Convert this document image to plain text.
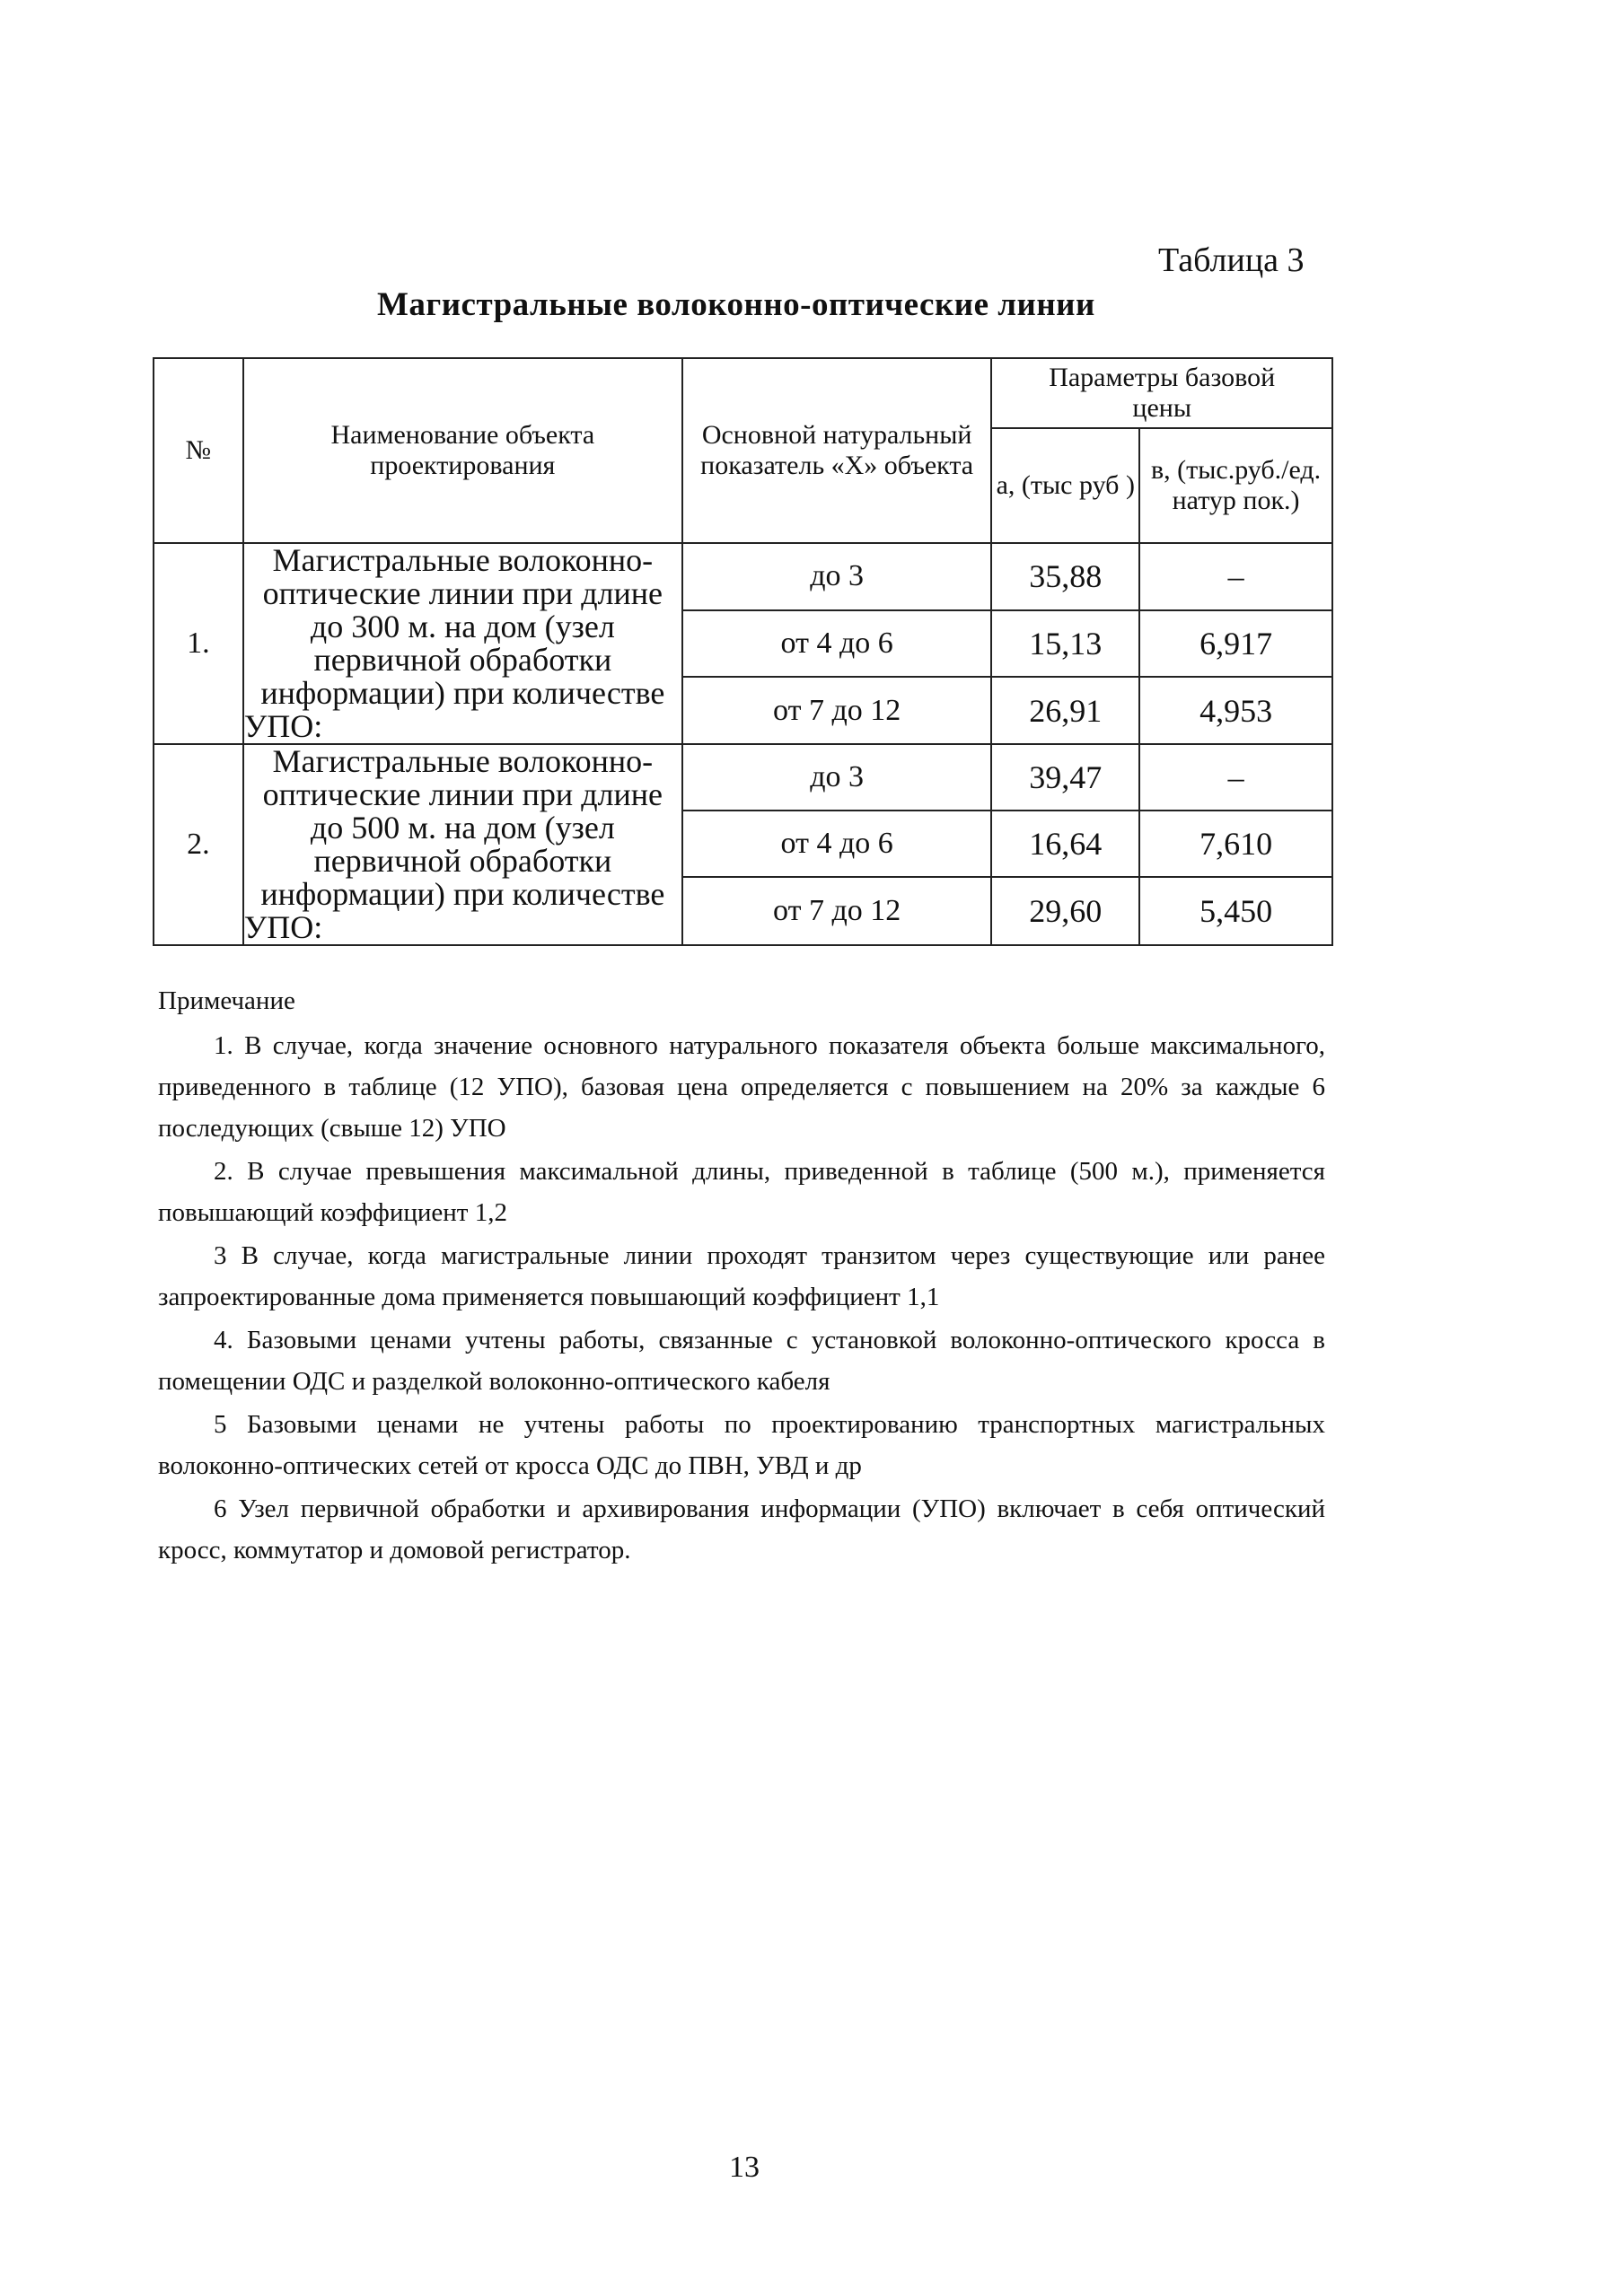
Таблица 3
Магистральные волоконно-оптические линии
№	Наименование объекта проектирования	Основной натуральный показатель «Х» объекта	Параметры базовой цены	
			а, (тыс руб )	в, (тыс.руб./ед. натур пок.)
1.	Магистральные волоконно-оптические линии при длине до 300 м. на дом (узел первичной обработки информации) при количестве УПО:	до 3	35,88	–
		от 4 до 6	15,13	6,917
		от 7 до 12	26,91	4,953
2.	Магистральные волоконно-оптические линии при длине до 500 м. на дом (узел первичной обработки информации) при количестве УПО:	до 3	39,47	–
		от 4 до 6	16,64	7,610
		от 7 до 12	29,60	5,450
Примечание

1. В случае, когда значение основного натурального показателя объекта больше максимального, приведенного в таблице (12 УПО), базовая цена определяется с повышением на 20% за каждые 6 последующих (свыше 12) УПО

2. В случае превышения максимальной длины, приведенной в таблице (500 м.), применяется повышающий коэффициент 1,2

3 В случае, когда магистральные линии проходят транзитом через существующие или ранее запроектированные дома применяется повышающий коэффициент 1,1

4. Базовыми ценами учтены работы, связанные с установкой волоконно-оптического кросса в помещении ОДС и разделкой волоконно-оптического кабеля

5 Базовыми ценами не учтены работы по проектированию транспортных магистральных волоконно-оптических сетей от кросса ОДС до ПВН, УВД и др

6 Узел первичной обработки и архивирования информации (УПО) включает в себя оптический кросс, коммутатор и домовой регистратор.

13
